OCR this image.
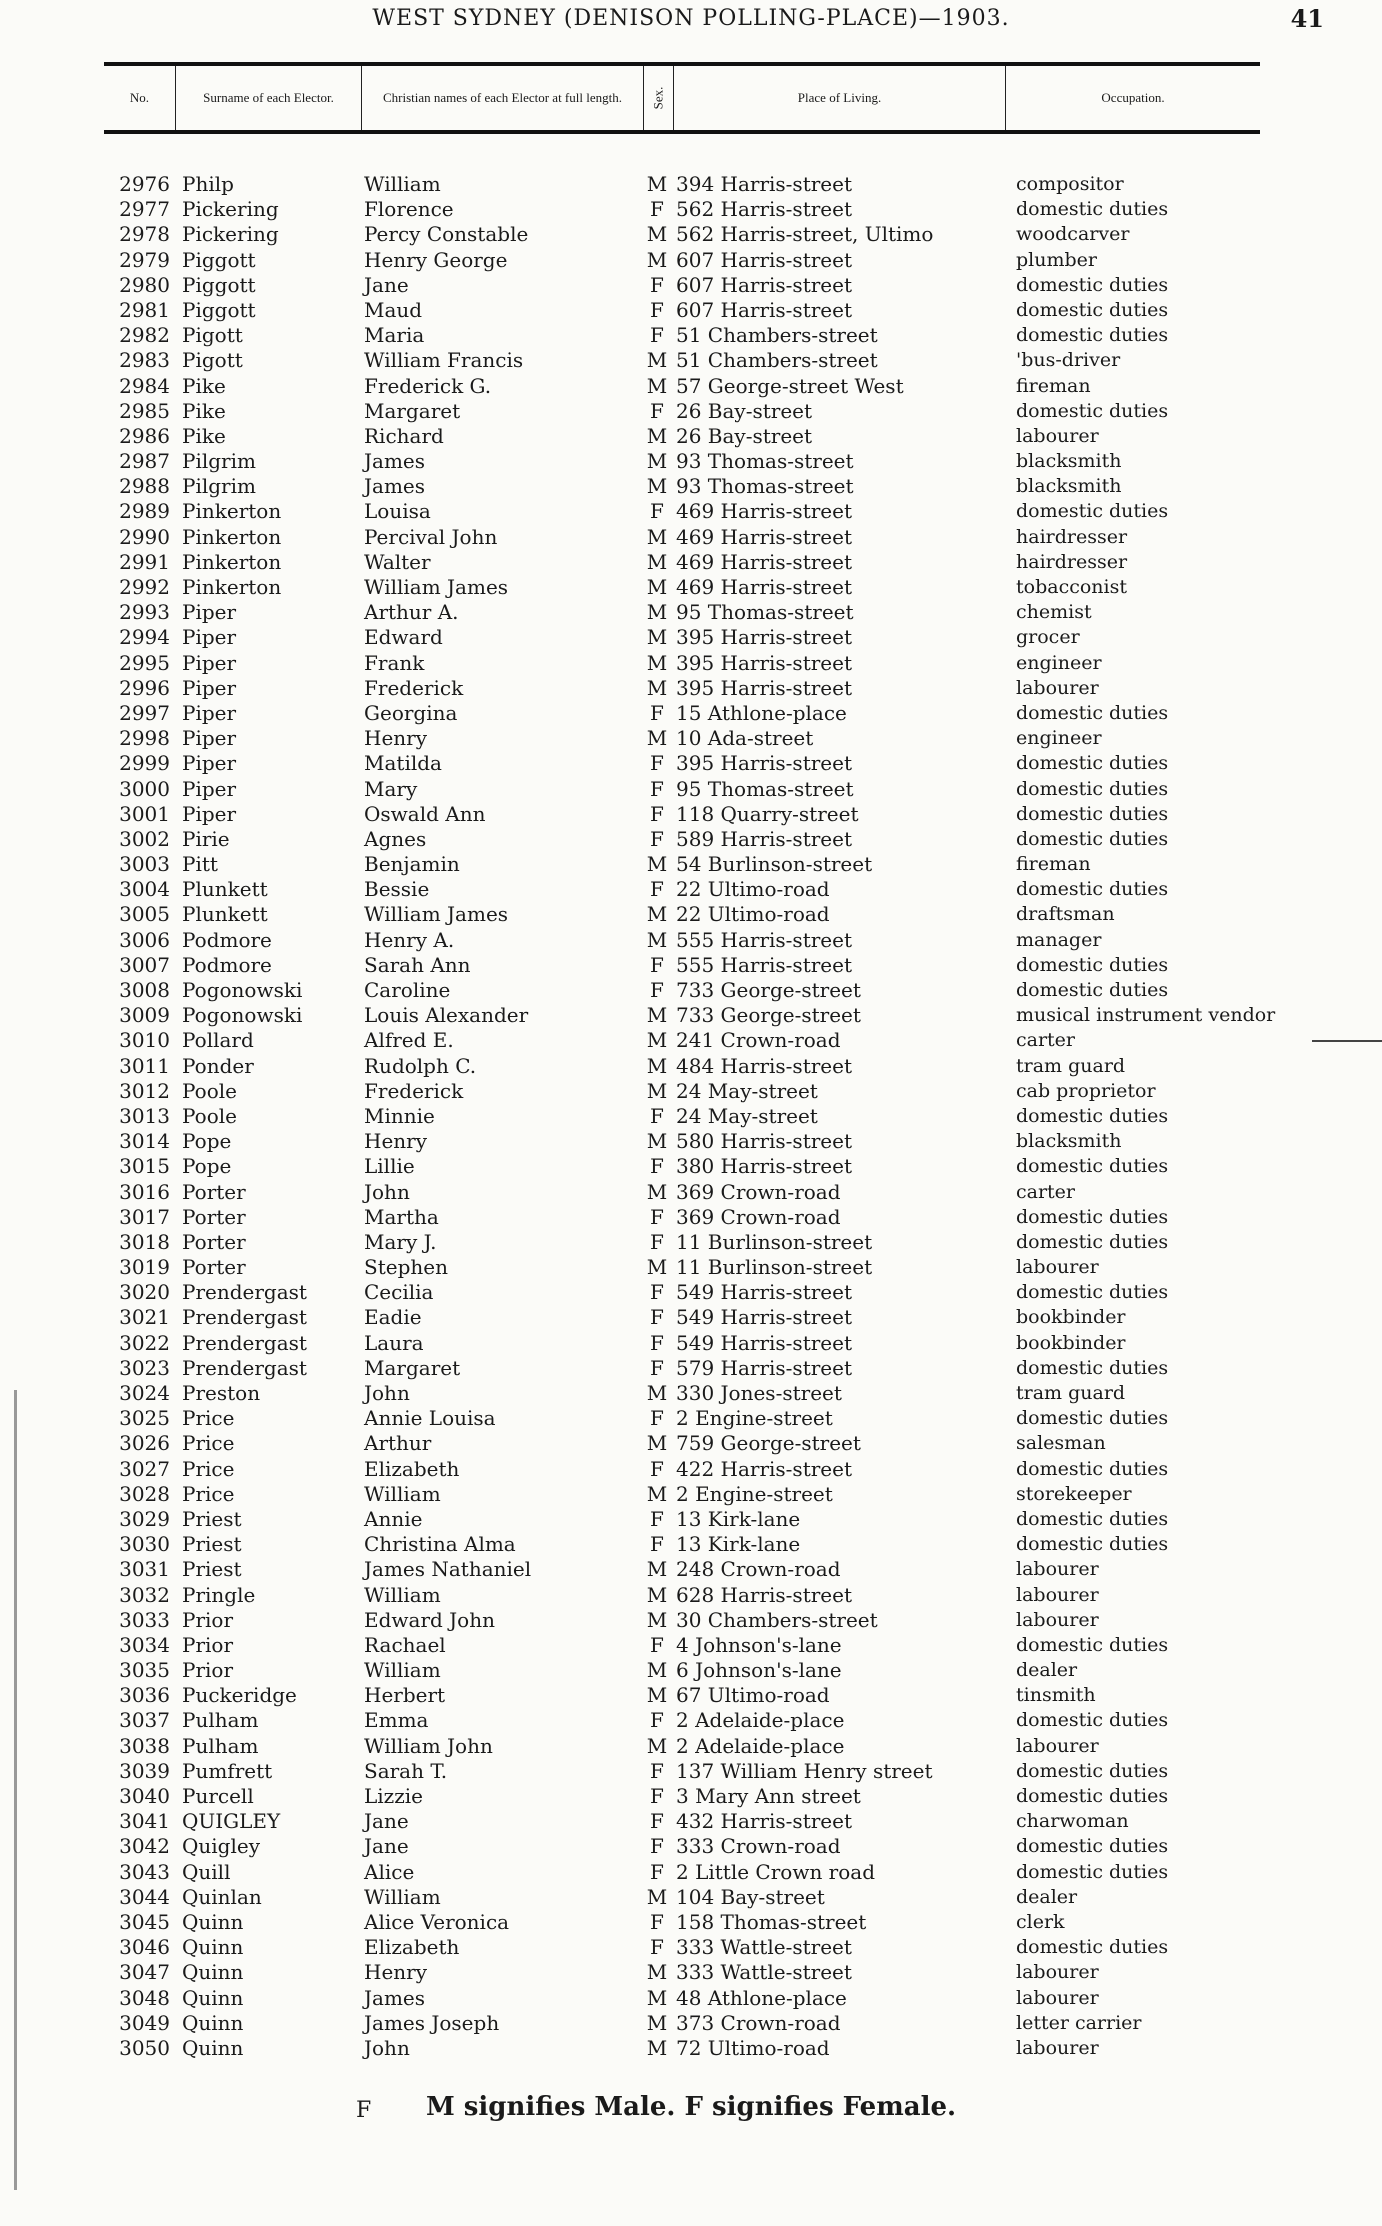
WEST SYDNEY (DENISON POLLING-PLACE)—1903.	41
No.	Surname of each Elector.	Christian names of each Elector at full length.	Sex.	Place of Living.	Occupation.
2976 Philp	William	M 394 Harris-street	compositor
2977 Pickering	Florence	F 562 Harris-street	domestic duties
2978 Pickering	Percy Constable	M 562 Harris-street, Ultimo	woodcarver
2979 Piggott	Henry George	M 607 Harris-street	plumber
2980 Piggott	Jane	F 607 Harris-street	domestic duties
2981 Piggott	Maud	F 607 Harris-street	domestic duties
2982 Pigott	Maria	F 51 Chambers-street	domestic duties
2983 Pigott	William Francis	M 51 Chambers-street	'bus-driver
2984 Pike	Frederick G.	M 57 George-street West	fireman
2985 Pike	Margaret	F 26 Bay-street	domestic duties
2986 Pike	Richard	M 26 Bay-street	labourer
2987 Pilgrim	James	M 93 Thomas-street	blacksmith
2988 Pilgrim	James	M 93 Thomas-street	blacksmith
2989 Pinkerton	Louisa	F 469 Harris-street	domestic duties
2990 Pinkerton	Percival John	M 469 Harris-street	hairdresser
2991 Pinkerton	Walter	M 469 Harris-street	hairdresser
2992 Pinkerton	William James	M 469 Harris-street	tobacconist
2993 Piper	Arthur A.	M 95 Thomas-street	chemist
2994 Piper	Edward	M 395 Harris-street	grocer
2995 Piper	Frank	M 395 Harris-street	engineer
2996 Piper	Frederick	M 395 Harris-street	labourer
2997 Piper	Georgina	F 15 Athlone-place	domestic duties
2998 Piper	Henry	M 10 Ada-street	engineer
2999 Piper	Matilda	F 395 Harris-street	domestic duties
3000 Piper	Mary	F 95 Thomas-street	domestic duties
3001 Piper	Oswald Ann	F 118 Quarry-street	domestic duties
3002 Pirie	Agnes	F 589 Harris-street	domestic duties
3003 Pitt	Benjamin	M 54 Burlinson-street	fireman
3004 Plunkett	Bessie	F 22 Ultimo-road	domestic duties
3005 Plunkett	William James	M 22 Ultimo-road	draftsman
3006 Podmore	Henry A.	M 555 Harris-street	manager
3007 Podmore	Sarah Ann	F 555 Harris-street	domestic duties
3008 Pogonowski	Caroline	F 733 George-street	domestic duties
3009 Pogonowski	Louis Alexander	M 733 George-street	musical instrument vendor
3010 Pollard	Alfred E.	M 241 Crown-road	carter
3011 Ponder	Rudolph C.	M 484 Harris-street	tram guard
3012 Poole	Frederick	M 24 May-street	cab proprietor
3013 Poole	Minnie	F 24 May-street	domestic duties
3014 Pope	Henry	M 580 Harris-street	blacksmith
3015 Pope	Lillie	F 380 Harris-street	domestic duties
3016 Porter	John	M 369 Crown-road	carter
3017 Porter	Martha	F 369 Crown-road	domestic duties
3018 Porter	Mary J.	F 11 Burlinson-street	domestic duties
3019 Porter	Stephen	M 11 Burlinson-street	labourer
3020 Prendergast	Cecilia	F 549 Harris-street	domestic duties
3021 Prendergast	Eadie	F 549 Harris-street	bookbinder
3022 Prendergast	Laura	F 549 Harris-street	bookbinder
3023 Prendergast	Margaret	F 579 Harris-street	domestic duties
3024 Preston	John	M 330 Jones-street	tram guard
3025 Price	Annie Louisa	F 2 Engine-street	domestic duties
3026 Price	Arthur	M 759 George-street	salesman
3027 Price	Elizabeth	F 422 Harris-street	domestic duties
3028 Price	William	M 2 Engine-street	storekeeper
3029 Priest	Annie	F 13 Kirk-lane	domestic duties
3030 Priest	Christina Alma	F 13 Kirk-lane	domestic duties
3031 Priest	James Nathaniel	M 248 Crown-road	labourer
3032 Pringle	William	M 628 Harris-street	labourer
3033 Prior	Edward John	M 30 Chambers-street	labourer
3034 Prior	Rachael	F 4 Johnson's-lane	domestic duties
3035 Prior	William	M 6 Johnson's-lane	dealer
3036 Puckeridge	Herbert	M 67 Ultimo-road	tinsmith
3037 Pulham	Emma	F 2 Adelaide-place	domestic duties
3038 Pulham	William John	M 2 Adelaide-place	labourer
3039 Pumfrett	Sarah T.	F 137 William Henry street	domestic duties
3040 Purcell	Lizzie	F 3 Mary Ann street	domestic duties
3041 QUIGLEY	Jane	F 432 Harris-street	charwoman
3042 Quigley	Jane	F 333 Crown-road	domestic duties
3043 Quill	Alice	F 2 Little Crown road	domestic duties
3044 Quinlan	William	M 104 Bay-street	dealer
3045 Quinn	Alice Veronica	F 158 Thomas-street	clerk
3046 Quinn	Elizabeth	F 333 Wattle-street	domestic duties
3047 Quinn	Henry	M 333 Wattle-street	labourer
3048 Quinn	James	M 48 Athlone-place	labourer
3049 Quinn	James Joseph	M 373 Crown-road	letter carrier
3050 Quinn	John	M 72 Ultimo-road	labourer
F	M signifies Male. F signifies Female.
